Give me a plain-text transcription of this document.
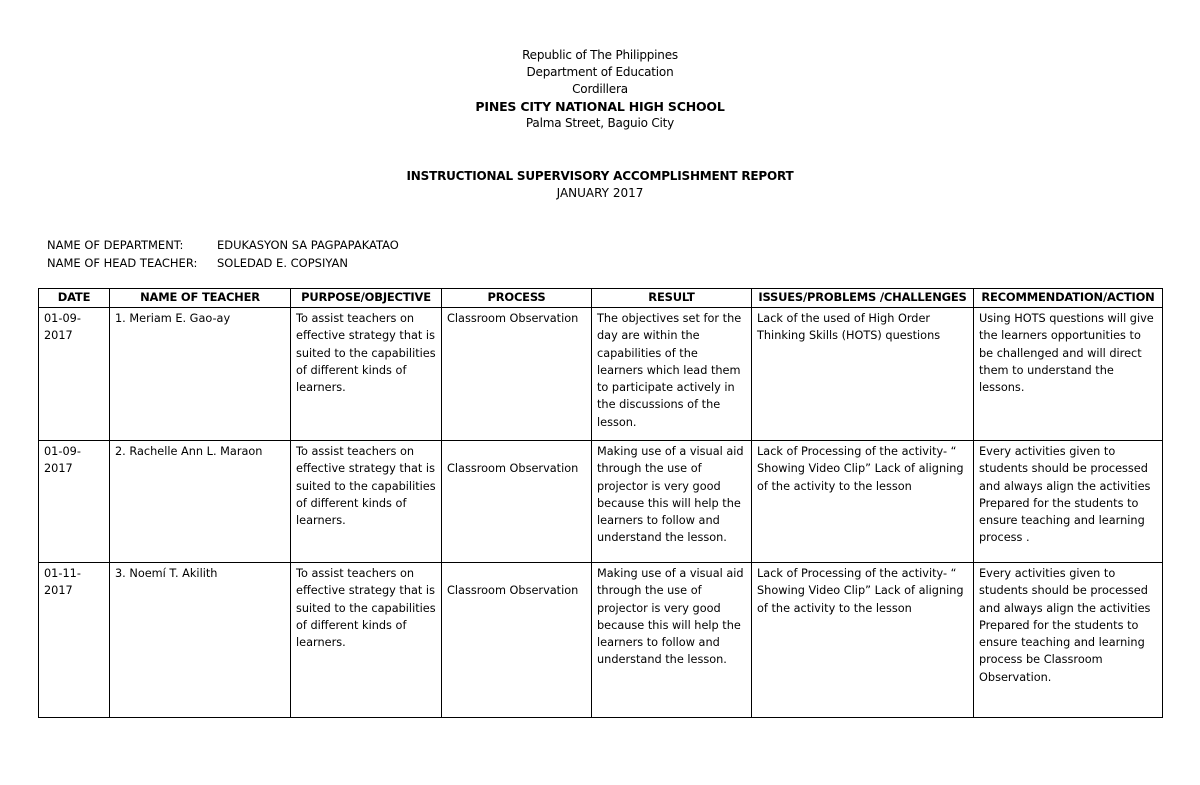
Republic of The Philippines
Department of Education
Cordillera
PINES CITY NATIONAL HIGH SCHOOL
Palma Street, Baguio City
INSTRUCTIONAL SUPERVISORY ACCOMPLISHMENT REPORT
JANUARY 2017
NAME OF DEPARTMENT:	EDUKASYON SA PAGPAPAKATAO
NAME OF HEAD TEACHER:	SOLEDAD E. COPSIYAN
DATE	NAME OF TEACHER	PURPOSE/OBJECTIVE	PROCESS	RESULT	ISSUES/PROBLEMS /CHALLENGES	RECOMMENDATION/ACTION
01-09-2017	1. Meriam E. Gao-ay	To assist teachers on effective strategy that is suited to the capabilities of different kinds of learners.	Classroom Observation	The objectives set for the day are within the capabilities of the learners which lead them to participate actively in the discussions of the lesson.	Lack of the used of High Order Thinking Skills (HOTS) questions	Using HOTS questions will give the learners opportunities to be challenged and will direct them to understand the lessons.
01-09-2017	2. Rachelle Ann L. Maraon	To assist teachers on effective strategy that is suited to the capabilities of different kinds of learners.	Classroom Observation	Making use of a visual aid through the use of projector is very good because this will help the learners to follow and understand the lesson.	Lack of Processing of the activity- “ Showing Video Clip” Lack of aligning of the activity to the lesson	Every activities given to students should be processed and always align the activities Prepared for the students to ensure teaching and learning process .
01-11-2017	3. Noemí T. Akilith	To assist teachers on effective strategy that is suited to the capabilities of different kinds of learners.	Classroom Observation	Making use of a visual aid through the use of projector is very good because this will help the learners to follow and understand the lesson.	Lack of Processing of the activity- “ Showing Video Clip” Lack of aligning of the activity to the lesson	Every activities given to students should be processed and always align the activities Prepared for the students to ensure teaching and learning process be Classroom Observation.
